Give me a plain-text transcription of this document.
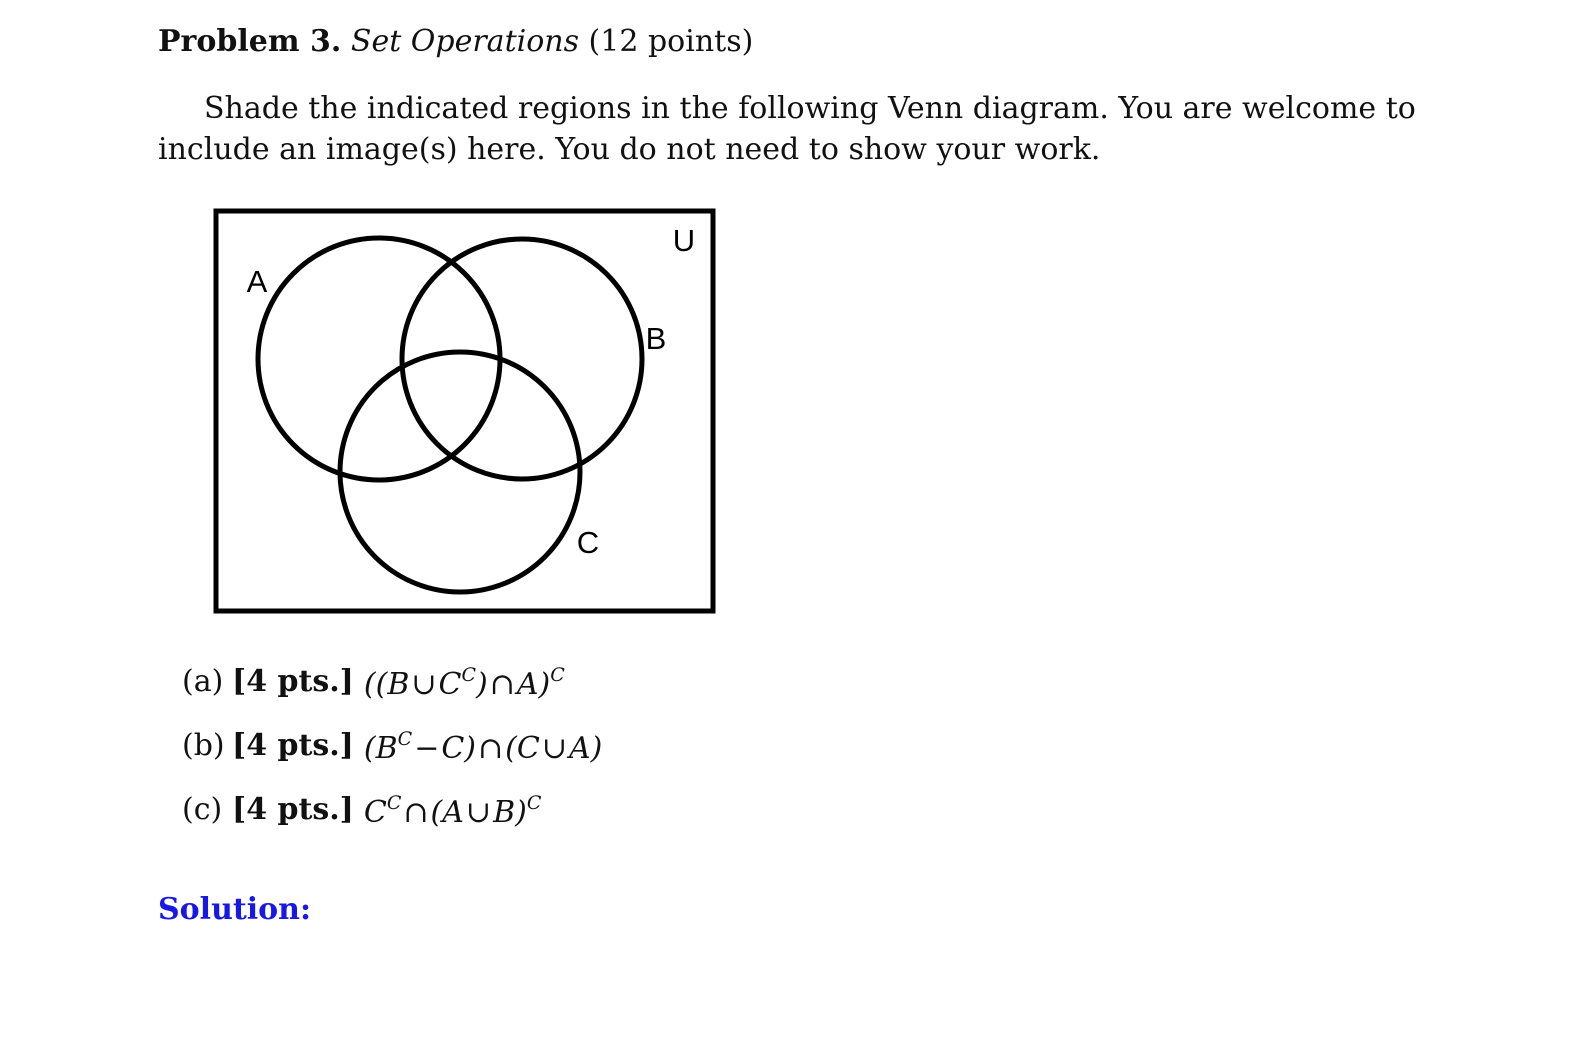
Problem 3. Set Operations (12 points)
Shade the indicated regions in the following Venn diagram. You are welcome to include an image(s) here. You do not need to show your work.
U
A
B
C
(a) [4 pts.] $((B\cup C^C)\cap A)^C$
(b) [4 pts.] $(B^C-C)\cap(C\cup A)$
(c) [4 pts.] $C^C\cap(A\cup B)^C$
Solution:
